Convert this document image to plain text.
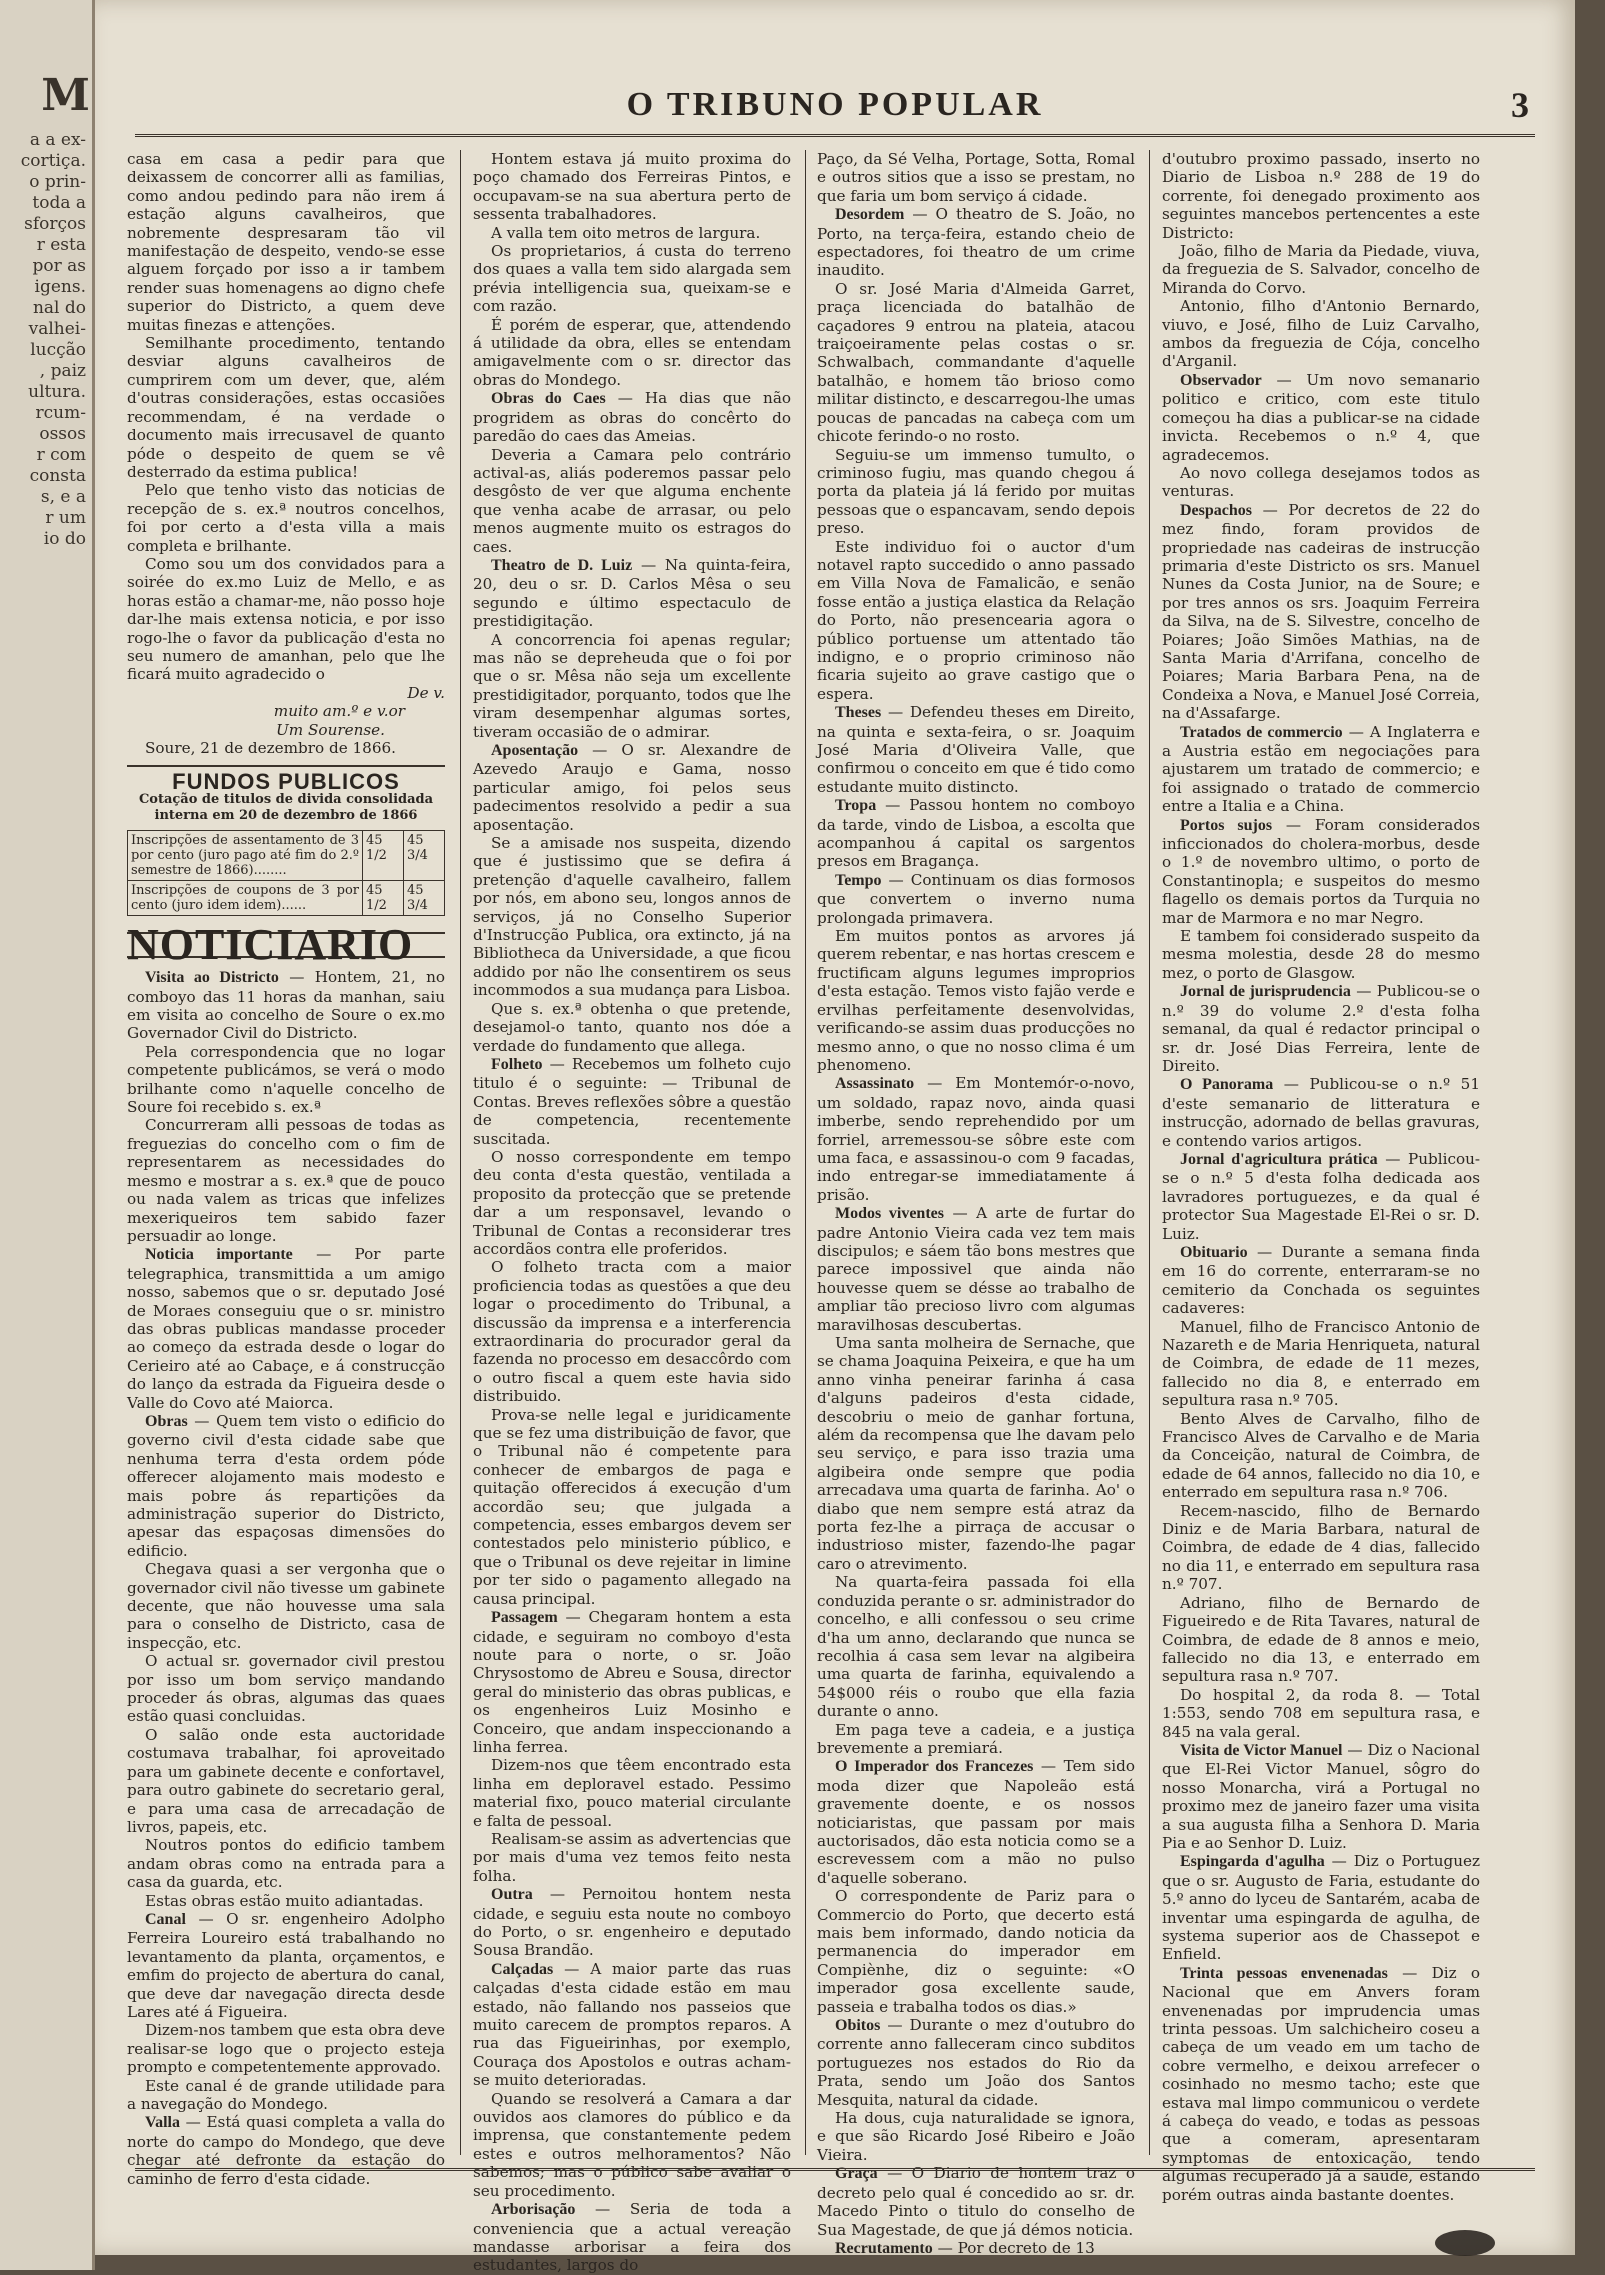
M
a a ex-
cortiça.
o prin-
toda a
sforços
r esta
por as
igens.
nal do
valhei-
lucção
, paiz
ultura.
rcum-
ossos
r com
consta
s, e a
r um
io do
O TRIBUNO POPULAR	3

casa em casa a pedir para que deixassem de concorrer alli as familias, como andou pedindo para não irem á estação alguns cavalheiros, que nobremente despresaram tão vil manifestação de despeito, vendo-se esse alguem forçado por isso a ir tambem render suas homenagens ao digno chefe superior do Districto, a quem deve muitas finezas e attenções.

Semilhante procedimento, tentando desviar alguns cavalheiros de cumprirem com um dever, que, além d'outras considerações, estas occasiões recommendam, é na verdade o documento mais irrecusavel de quanto póde o despeito de quem se vê desterrado da estima publica!

Pelo que tenho visto das noticias de recepção de s. ex.ª noutros concelhos, foi por certo a d'esta villa a mais completa e brilhante.

Como sou um dos convidados para a soirée do ex.mo Luiz de Mello, e as horas estão a chamar-me, não posso hoje dar-lhe mais extensa noticia, e por isso rogo-lhe o favor da publicação d'esta no seu numero de amanhan, pelo que lhe ficará muito agradecido o

De v.

muito am.º e v.or

Um Sourense.

Soure, 21 de dezembro de 1866.

FUNDOS PUBLICOS
Cotação de titulos de divida consolidada interna em 20 de dezembro de 1866
Inscripções de assentamento de 3 por cento (juro pago até fim do 2.º semestre de 1866)........	45 1/2	45 3/4
Inscripções de coupons de 3 por cento (juro idem idem)......	45 1/2	45 3/4
NOTICIARIO

Visita ao Districto — Hontem, 21, no comboyo das 11 horas da manhan, saiu em visita ao concelho de Soure o ex.mo Governador Civil do Districto.

Pela correspondencia que no logar competente publicámos, se verá o modo brilhante como n'aquelle concelho de Soure foi recebido s. ex.ª

Concurreram alli pessoas de todas as freguezias do concelho com o fim de representarem as necessidades do mesmo e mostrar a s. ex.ª que de pouco ou nada valem as tricas que infelizes mexeriqueiros tem sabido fazer persuadir ao longe.

Noticia importante — Por parte telegraphica, transmittida a um amigo nosso, sabemos que o sr. deputado José de Moraes conseguiu que o sr. ministro das obras publicas mandasse proceder ao começo da estrada desde o logar do Cerieiro até ao Cabaçe, e á construcção do lanço da estrada da Figueira desde o Valle do Covo até Maiorca.

Obras — Quem tem visto o edificio do governo civil d'esta cidade sabe que nenhuma terra d'esta ordem póde offerecer alojamento mais modesto e mais pobre ás repartições da administração superior do Districto, apesar das espaçosas dimensões do edificio.

Chegava quasi a ser vergonha que o governador civil não tivesse um gabinete decente, que não houvesse uma sala para o conselho de Districto, casa de inspecção, etc.

O actual sr. governador civil prestou por isso um bom serviço mandando proceder ás obras, algumas das quaes estão quasi concluidas.

O salão onde esta auctoridade costumava trabalhar, foi aproveitado para um gabinete decente e confortavel, para outro gabinete do secretario geral, e para uma casa de arrecadação de livros, papeis, etc.

Noutros pontos do edificio tambem andam obras como na entrada para a casa da guarda, etc.

Estas obras estão muito adiantadas.

Canal — O sr. engenheiro Adolpho Ferreira Loureiro está trabalhando no levantamento da planta, orçamentos, e emfim do projecto de abertura do canal, que deve dar navegação directa desde Lares até á Figueira.

Dizem-nos tambem que esta obra deve realisar-se logo que o projecto esteja prompto e competentemente approvado.

Este canal é de grande utilidade para a navegação do Mondego.

Valla — Está quasi completa a valla do norte do campo do Mondego, que deve chegar até defronte da estação do caminho de ferro d'esta cidade.

Hontem estava já muito proxima do poço chamado dos Ferreiras Pintos, e occupavam-se na sua abertura perto de sessenta trabalhadores.

A valla tem oito metros de largura.

Os proprietarios, á custa do terreno dos quaes a valla tem sido alargada sem prévia intelligencia sua, queixam-se e com razão.

É porém de esperar, que, attendendo á utilidade da obra, elles se entendam amigavelmente com o sr. director das obras do Mondego.

Obras do Caes — Ha dias que não progridem as obras do concêrto do paredão do caes das Ameias.

Deveria a Camara pelo contrário actival-as, aliás poderemos passar pelo desgôsto de ver que alguma enchente que venha acabe de arrasar, ou pelo menos augmente muito os estragos do caes.

Theatro de D. Luiz — Na quinta-feira, 20, deu o sr. D. Carlos Mêsa o seu segundo e último espectaculo de prestidigitação.

A concorrencia foi apenas regular; mas não se depreheuda que o foi por que o sr. Mêsa não seja um excellente prestidigitador, porquanto, todos que lhe viram desempenhar algumas sortes, tiveram occasião de o admirar.

Aposentação — O sr. Alexandre de Azevedo Araujo e Gama, nosso particular amigo, foi pelos seus padecimentos resolvido a pedir a sua aposentação.

Se a amisade nos suspeita, dizendo que é justissimo que se defira á pretenção d'aquelle cavalheiro, fallem por nós, em abono seu, longos annos de serviços, já no Conselho Superior d'Instrucção Publica, ora extincto, já na Bibliotheca da Universidade, a que ficou addido por não lhe consentirem os seus incommodos a sua mudança para Lisboa.

Que s. ex.ª obtenha o que pretende, desejamol-o tanto, quanto nos dóe a verdade do fundamento que allega.

Folheto — Recebemos um folheto cujo titulo é o seguinte: — Tribunal de Contas. Breves reflexões sôbre a questão de competencia, recentemente suscitada.

O nosso correspondente em tempo deu conta d'esta questão, ventilada a proposito da protecção que se pretende dar a um responsavel, levando o Tribunal de Contas a reconsiderar tres accordãos contra elle proferidos.

O folheto tracta com a maior proficiencia todas as questões a que deu logar o procedimento do Tribunal, a discussão da imprensa e a interferencia extraordinaria do procurador geral da fazenda no processo em desaccôrdo com o outro fiscal a quem este havia sido distribuido.

Prova-se nelle legal e juridicamente que se fez uma distribuição de favor, que o Tribunal não é competente para conhecer de embargos de paga e quitação offerecidos á execução d'um accordão seu; que julgada a competencia, esses embargos devem ser contestados pelo ministerio público, e que o Tribunal os deve rejeitar in limine por ter sido o pagamento allegado na causa principal.

Passagem — Chegaram hontem a esta cidade, e seguiram no comboyo d'esta noute para o norte, o sr. João Chrysostomo de Abreu e Sousa, director geral do ministerio das obras publicas, e os engenheiros Luiz Mosinho e Conceiro, que andam inspeccionando a linha ferrea.

Dizem-nos que têem encontrado esta linha em deploravel estado. Pessimo material fixo, pouco material circulante e falta de pessoal.

Realisam-se assim as advertencias que por mais d'uma vez temos feito nesta folha.

Outra — Pernoitou hontem nesta cidade, e seguiu esta noute no comboyo do Porto, o sr. engenheiro e deputado Sousa Brandão.

Calçadas — A maior parte das ruas calçadas d'esta cidade estão em mau estado, não fallando nos passeios que muito carecem de promptos reparos. A rua das Figueirinhas, por exemplo, Couraça dos Apostolos e outras acham-se muito deterioradas.

Quando se resolverá a Camara a dar ouvidos aos clamores do público e da imprensa, que constantemente pedem estes e outros melhoramentos? Não sabemos; mas o público sabe avaliar o seu procedimento.

Arborisação — Seria de toda a conveniencia que a actual vereação mandasse arborisar a feira dos estudantes, largos do

Paço, da Sé Velha, Portage, Sotta, Romal e outros sitios que a isso se prestam, no que faria um bom serviço á cidade.

Desordem — O theatro de S. João, no Porto, na terça-feira, estando cheio de espectadores, foi theatro de um crime inaudito.

O sr. José Maria d'Almeida Garret, praça licenciada do batalhão de caçadores 9 entrou na plateia, atacou traiçoeiramente pelas costas o sr. Schwalbach, commandante d'aquelle batalhão, e homem tão brioso como militar distincto, e descarregou-lhe umas poucas de pancadas na cabeça com um chicote ferindo-o no rosto.

Seguiu-se um immenso tumulto, o criminoso fugiu, mas quando chegou á porta da plateia já lá ferido por muitas pessoas que o espancavam, sendo depois preso.

Este individuo foi o auctor d'um notavel rapto succedido o anno passado em Villa Nova de Famalicão, e senão fosse então a justiça elastica da Relação do Porto, não presencearia agora o público portuense um attentado tão indigno, e o proprio criminoso não ficaria sujeito ao grave castigo que o espera.

Theses — Defendeu theses em Direito, na quinta e sexta-feira, o sr. Joaquim José Maria d'Oliveira Valle, que confirmou o conceito em que é tido como estudante muito distincto.

Tropa — Passou hontem no comboyo da tarde, vindo de Lisboa, a escolta que acompanhou á capital os sargentos presos em Bragança.

Tempo — Continuam os dias formosos que convertem o inverno numa prolongada primavera.

Em muitos pontos as arvores já querem rebentar, e nas hortas crescem e fructificam alguns legumes improprios d'esta estação. Temos visto fajão verde e ervilhas perfeitamente desenvolvidas, verificando-se assim duas producções no mesmo anno, o que no nosso clima é um phenomeno.

Assassinato — Em Montemór-o-novo, um soldado, rapaz novo, ainda quasi imberbe, sendo reprehendido por um forriel, arremessou-se sôbre este com uma faca, e assassinou-o com 9 facadas, indo entregar-se immediatamente á prisão.

Modos viventes — A arte de furtar do padre Antonio Vieira cada vez tem mais discipulos; e sáem tão bons mestres que parece impossivel que ainda não houvesse quem se désse ao trabalho de ampliar tão precioso livro com algumas maravilhosas descubertas.

Uma santa molheira de Sernache, que se chama Joaquina Peixeira, e que ha um anno vinha peneirar farinha á casa d'alguns padeiros d'esta cidade, descobriu o meio de ganhar fortuna, além da recompensa que lhe davam pelo seu serviço, e para isso trazia uma algibeira onde sempre que podia arrecadava uma quarta de farinha. Ao' o diabo que nem sempre está atraz da porta fez-lhe a pirraça de accusar o industrioso mister, fazendo-lhe pagar caro o atrevimento.

Na quarta-feira passada foi ella conduzida perante o sr. administrador do concelho, e alli confessou o seu crime d'ha um anno, declarando que nunca se recolhia á casa sem levar na algibeira uma quarta de farinha, equivalendo a 54$000 réis o roubo que ella fazia durante o anno.

Em paga teve a cadeia, e a justiça brevemente a premiará.

O Imperador dos Francezes — Tem sido moda dizer que Napoleão está gravemente doente, e os nossos noticiaristas, que passam por mais auctorisados, dão esta noticia como se a escrevessem com a mão no pulso d'aquelle soberano.

O correspondente de Pariz para o Commercio do Porto, que decerto está mais bem informado, dando noticia da permanencia do imperador em Compiènhe, diz o seguinte: «O imperador gosa excellente saude, passeia e trabalha todos os dias.»

Obitos — Durante o mez d'outubro do corrente anno falleceram cinco subditos portuguezes nos estados do Rio da Prata, sendo um João dos Santos Mesquita, natural da cidade.

Ha dous, cuja naturalidade se ignora, e que são Ricardo José Ribeiro e João Vieira.

Graça — O Diario de hontem traz o decreto pelo qual é concedido ao sr. dr. Macedo Pinto o titulo do conselho de Sua Magestade, de que já démos noticia.

Recrutamento — Por decreto de 13

d'outubro proximo passado, inserto no Diario de Lisboa n.º 288 de 19 do corrente, foi denegado proximento aos seguintes mancebos pertencentes a este Districto:

João, filho de Maria da Piedade, viuva, da freguezia de S. Salvador, concelho de Miranda do Corvo.

Antonio, filho d'Antonio Bernardo, viuvo, e José, filho de Luiz Carvalho, ambos da freguezia de Cója, concelho d'Arganil.

Observador — Um novo semanario politico e critico, com este titulo começou ha dias a publicar-se na cidade invicta. Recebemos o n.º 4, que agradecemos.

Ao novo collega desejamos todos as venturas.

Despachos — Por decretos de 22 do mez findo, foram providos de propriedade nas cadeiras de instrucção primaria d'este Districto os srs. Manuel Nunes da Costa Junior, na de Soure; e por tres annos os srs. Joaquim Ferreira da Silva, na de S. Silvestre, concelho de Poiares; João Simões Mathias, na de Santa Maria d'Arrifana, concelho de Poiares; Maria Barbara Pena, na de Condeixa a Nova, e Manuel José Correia, na d'Assafarge.

Tratados de commercio — A Inglaterra e a Austria estão em negociações para ajustarem um tratado de commercio; e foi assignado o tratado de commercio entre a Italia e a China.

Portos sujos — Foram considerados inficcionados do cholera-morbus, desde o 1.º de novembro ultimo, o porto de Constantinopla; e suspeitos do mesmo flagello os demais portos da Turquia no mar de Marmora e no mar Negro.

E tambem foi considerado suspeito da mesma molestia, desde 28 do mesmo mez, o porto de Glasgow.

Jornal de jurisprudencia — Publicou-se o n.º 39 do volume 2.º d'esta folha semanal, da qual é redactor principal o sr. dr. José Dias Ferreira, lente de Direito.

O Panorama — Publicou-se o n.º 51 d'este semanario de litteratura e instrucção, adornado de bellas gravuras, e contendo varios artigos.

Jornal d'agricultura prática — Publicou-se o n.º 5 d'esta folha dedicada aos lavradores portuguezes, e da qual é protector Sua Magestade El-Rei o sr. D. Luiz.

Obituario — Durante a semana finda em 16 do corrente, enterraram-se no cemiterio da Conchada os seguintes cadaveres:

Manuel, filho de Francisco Antonio de Nazareth e de Maria Henriqueta, natural de Coimbra, de edade de 11 mezes, fallecido no dia 8, e enterrado em sepultura rasa n.º 705.

Bento Alves de Carvalho, filho de Francisco Alves de Carvalho e de Maria da Conceição, natural de Coimbra, de edade de 64 annos, fallecido no dia 10, e enterrado em sepultura rasa n.º 706.

Recem-nascido, filho de Bernardo Diniz e de Maria Barbara, natural de Coimbra, de edade de 4 dias, fallecido no dia 11, e enterrado em sepultura rasa n.º 707.

Adriano, filho de Bernardo de Figueiredo e de Rita Tavares, natural de Coimbra, de edade de 8 annos e meio, fallecido no dia 13, e enterrado em sepultura rasa n.º 707.

Do hospital 2, da roda 8. — Total 1:553, sendo 708 em sepultura rasa, e 845 na vala geral.

Visita de Victor Manuel — Diz o Nacional que El-Rei Victor Manuel, sôgro do nosso Monarcha, virá a Portugal no proximo mez de janeiro fazer uma visita a sua augusta filha a Senhora D. Maria Pia e ao Senhor D. Luiz.

Espingarda d'agulha — Diz o Portuguez que o sr. Augusto de Faria, estudante do 5.º anno do lyceu de Santarém, acaba de inventar uma espingarda de agulha, de systema superior aos de Chassepot e Enfield.

Trinta pessoas envenenadas — Diz o Nacional que em Anvers foram envenenadas por imprudencia umas trinta pessoas. Um salchicheiro coseu a cabeça de um veado em um tacho de cobre vermelho, e deixou arrefecer o cosinhado no mesmo tacho; este que estava mal limpo communicou o verdete á cabeça do veado, e todas as pessoas que a comeram, apresentaram symptomas de entoxicação, tendo algumas recuperado já a saude, estando porém outras ainda bastante doentes.
